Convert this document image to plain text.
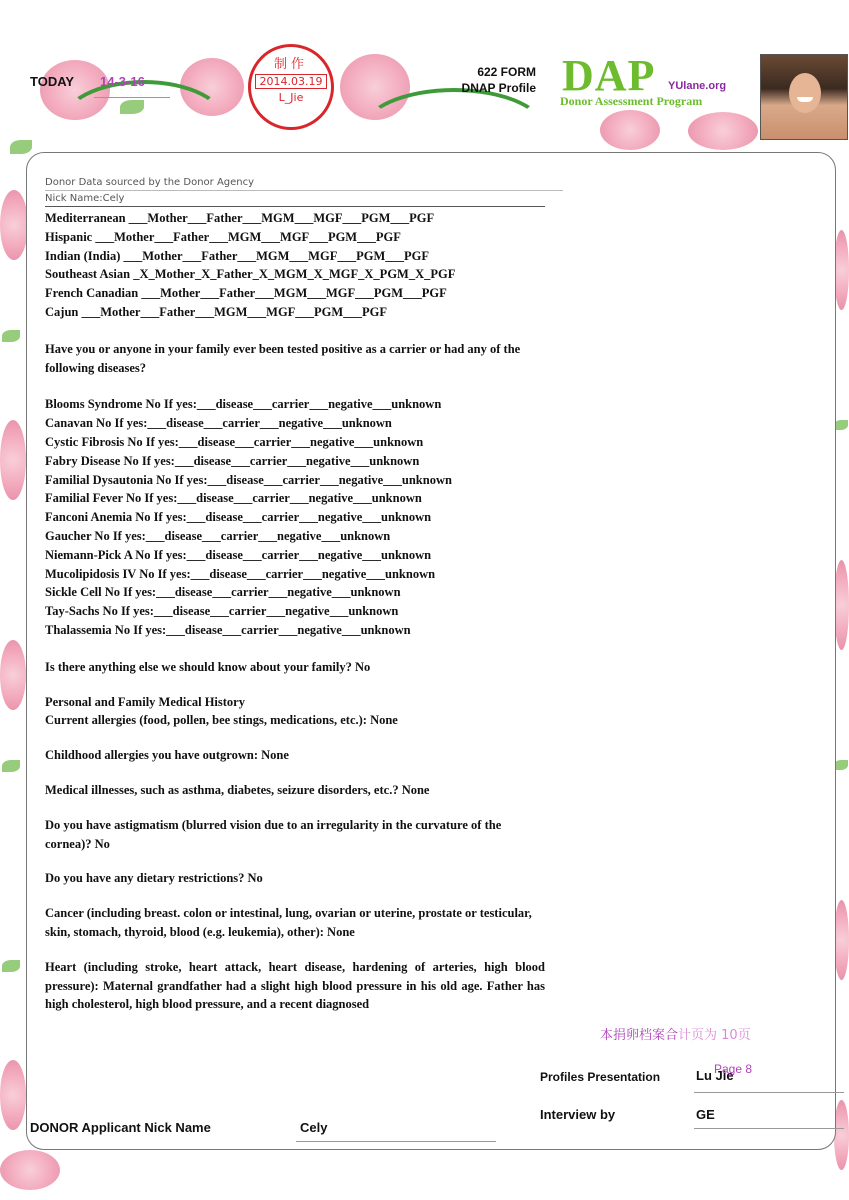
TODAY 14-3-16
制作
2014.03.19
L_Jie
622 FORM
DNAP Profile DAP YUlane.org
Donor Assessment Program
Donor Data sourced by the Donor Agency
Nick Name:Cely
Mediterranean ___Mother___Father___MGM___MGF___PGM___PGF
Hispanic ___Mother___Father___MGM___MGF___PGM___PGF
Indian (India) ___Mother___Father___MGM___MGF___PGM___PGF
Southeast Asian _X_Mother_X_Father_X_MGM_X_MGF_X_PGM_X_PGF
French Canadian ___Mother___Father___MGM___MGF___PGM___PGF
Cajun ___Mother___Father___MGM___MGF___PGM___PGF
Have you or anyone in your family ever been tested positive as a carrier or had any of the following diseases?
Blooms Syndrome No If yes:___disease___carrier___negative___unknown
Canavan No If yes:___disease___carrier___negative___unknown
Cystic Fibrosis No If yes:___disease___carrier___negative___unknown
Fabry Disease No If yes:___disease___carrier___negative___unknown
Familial Dysautonia No If yes:___disease___carrier___negative___unknown
Familial Fever No If yes:___disease___carrier___negative___unknown
Fanconi Anemia No If yes:___disease___carrier___negative___unknown
Gaucher No If yes:___disease___carrier___negative___unknown
Niemann-Pick A No If yes:___disease___carrier___negative___unknown
Mucolipidosis IV No If yes:___disease___carrier___negative___unknown
Sickle Cell No If yes:___disease___carrier___negative___unknown
Tay-Sachs No If yes:___disease___carrier___negative___unknown
Thalassemia No If yes:___disease___carrier___negative___unknown
Is there anything else we should know about your family? No
Personal and Family Medical History
Current allergies (food, pollen, bee stings, medications, etc.): None
Childhood allergies you have outgrown: None
Medical illnesses, such as asthma, diabetes, seizure disorders, etc.? None
Do you have astigmatism (blurred vision due to an irregularity in the curvature of the cornea)? No
Do you have any dietary restrictions? No
Cancer (including breast. colon or intestinal, lung, ovarian or uterine, prostate or testicular, skin, stomach, thyroid, blood (e.g. leukemia), other): None
Heart (including stroke, heart attack, heart disease, hardening of arteries, high blood pressure): Maternal grandfather had a slight high blood pressure in his old age. Father has high cholesterol, high blood pressure, and a recent diagnosed
本捐卵档案合计页为 10页
Profiles Presentation	Lu Jie
Page 8
Interview by	GE
DONOR Applicant Nick Name	Cely
